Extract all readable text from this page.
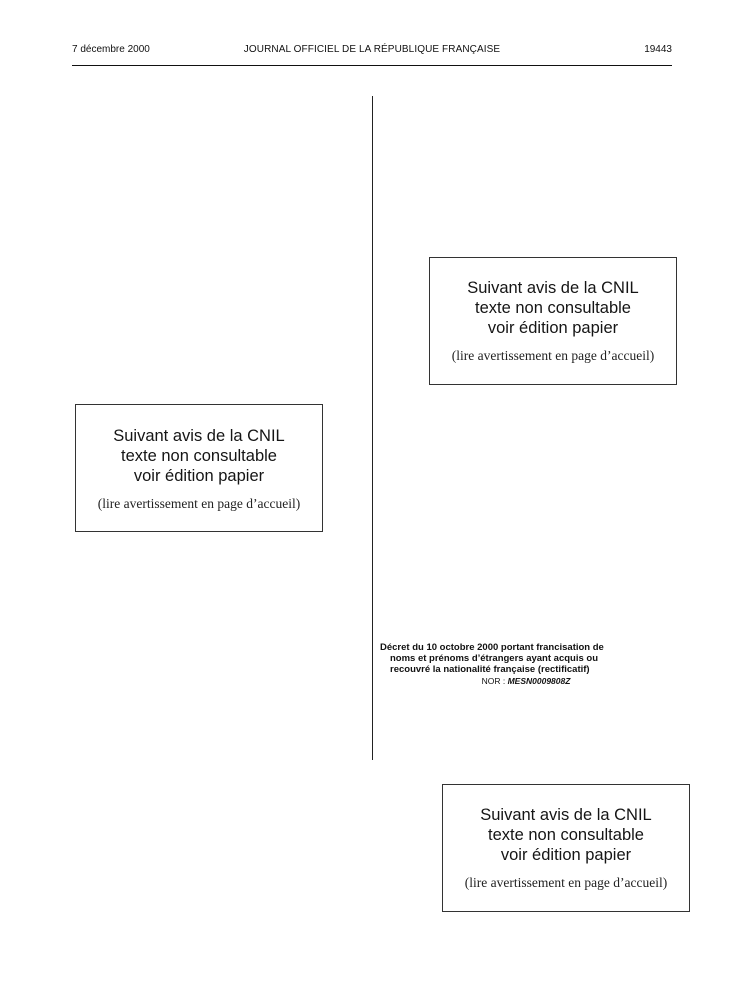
7 décembre 2000	JOURNAL OFFICIEL DE LA RÉPUBLIQUE FRANÇAISE	19443
Suivant avis de la CNIL
texte non consultable
voir édition papier
(lire avertissement en page d’accueil)
Suivant avis de la CNIL
texte non consultable
voir édition papier
(lire avertissement en page d’accueil)
Suivant avis de la CNIL
texte non consultable
voir édition papier
(lire avertissement en page d’accueil)
Décret du 10 octobre 2000 portant francisation de
noms et prénoms d’étrangers ayant acquis ou
recouvré la nationalité française (rectificatif)
NOR : MESN0009808Z
